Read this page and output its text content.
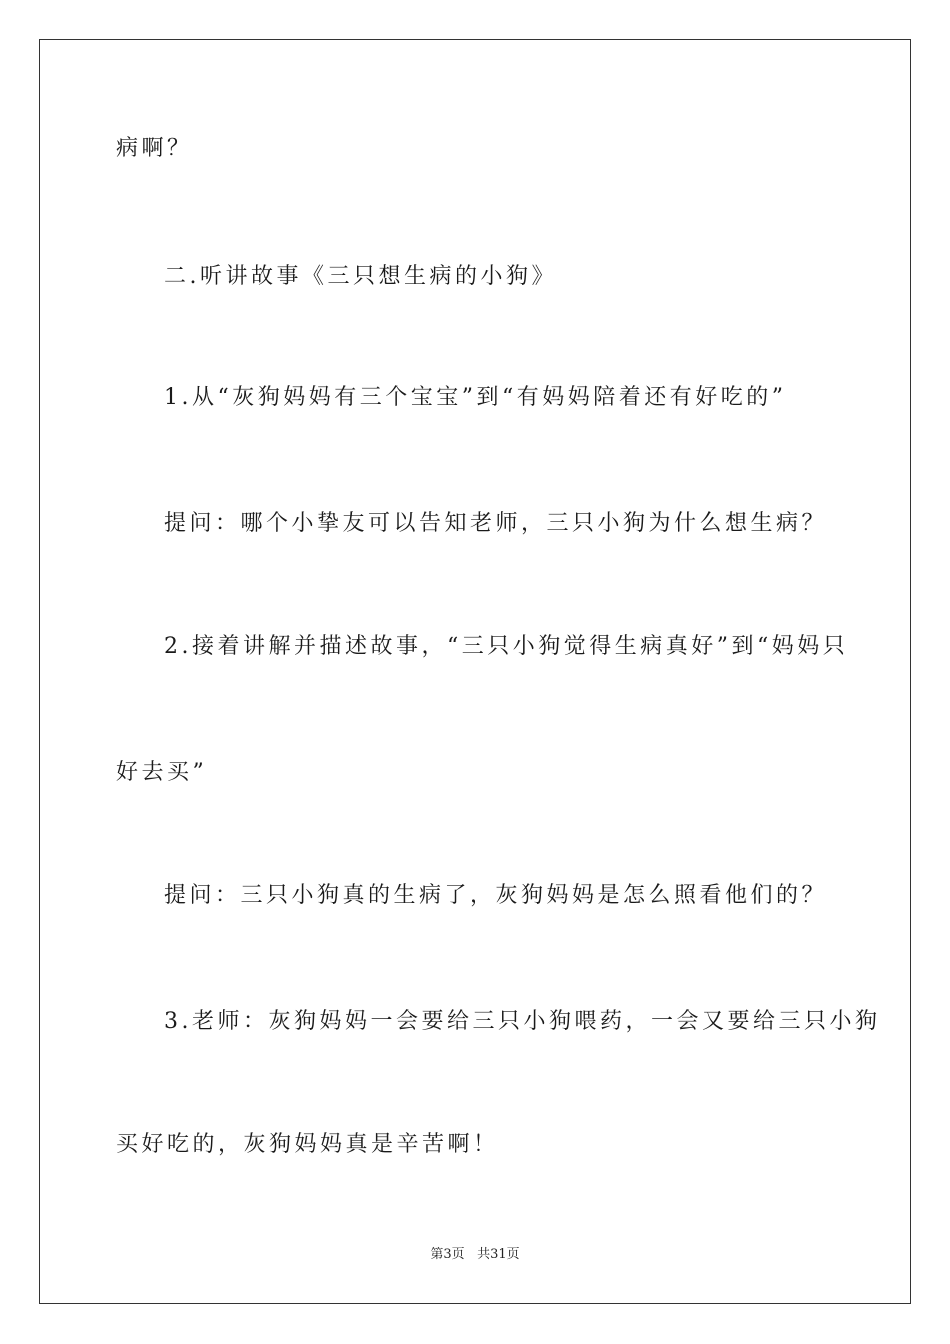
病啊？
二.听讲故事《三只想生病的小狗》
1.从“灰狗妈妈有三个宝宝”到“有妈妈陪着还有好吃的”
提问：哪个小挚友可以告知老师，三只小狗为什么想生病？
2.接着讲解并描述故事，“三只小狗觉得生病真好”到“妈妈只
好去买”
提问：三只小狗真的生病了，灰狗妈妈是怎么照看他们的？
3.老师：灰狗妈妈一会要给三只小狗喂药，一会又要给三只小狗
买好吃的，灰狗妈妈真是辛苦啊！
第3页 共31页
